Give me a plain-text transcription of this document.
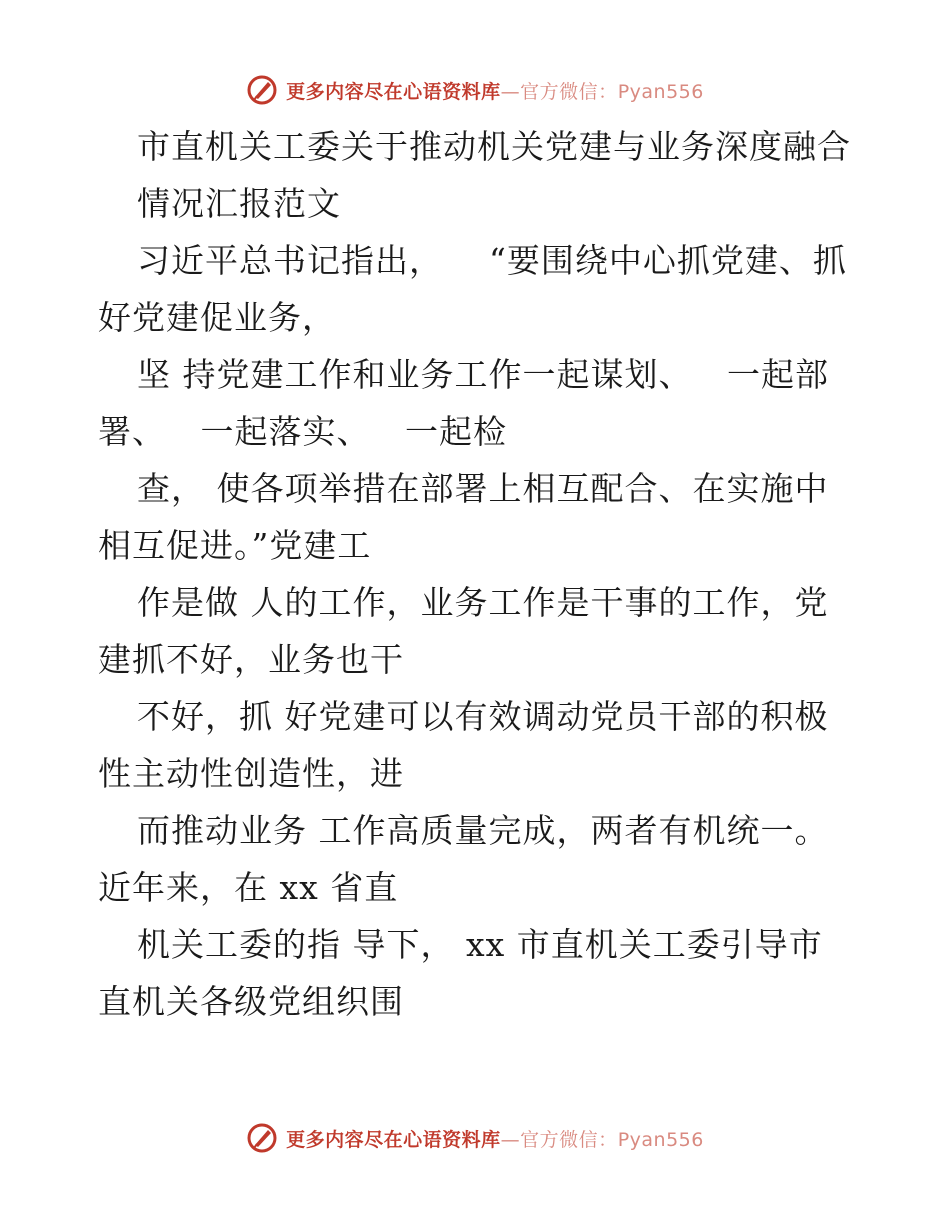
更多内容尽在心语资料库—官方微信：Pyan556
市直机关工委关于推动机关党建与业务深度融合
情况汇报范文
习近平总书记指出，    “要围绕中心抓党建、抓
好党建促业务，
坚 持党建工作和业务工作一起谋划、   一起部
署、   一起落实、   一起检
查， 使各项举措在部署上相互配合、在实施中
相互促进。”党建工
作是做 人的工作，业务工作是干事的工作，党
建抓不好，业务也干
不好，抓 好党建可以有效调动党员干部的积极
性主动性创造性，进
而推动业务 工作高质量完成，两者有机统一。
近年来，在 xx 省直
机关工委的指 导下， xx 市直机关工委引导市
直机关各级党组织围
更多内容尽在心语资料库—官方微信：Pyan556
